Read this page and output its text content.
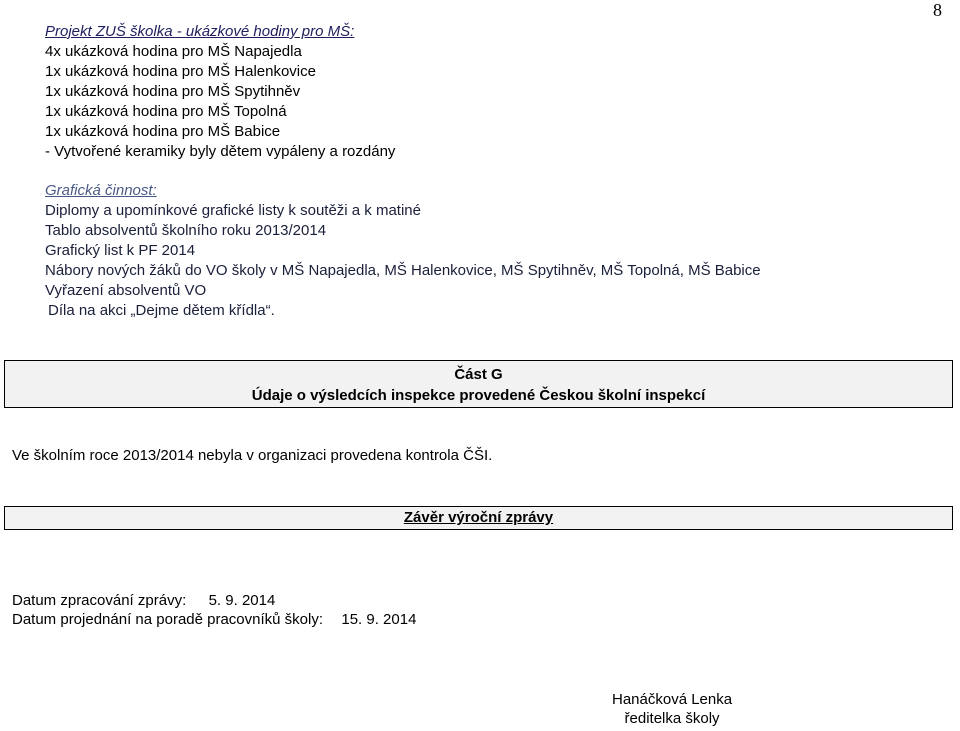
8
Projekt ZUŠ školka - ukázkové hodiny pro MŠ:
4x ukázková hodina pro MŠ Napajedla
1x ukázková hodina pro MŠ Halenkovice
1x ukázková hodina pro MŠ Spytihněv
1x ukázková hodina pro MŠ Topolná
1x ukázková hodina pro MŠ Babice
- Vytvořené keramiky byly dětem vypáleny a rozdány
Grafická činnost:
Diplomy a upomínkové grafické listy k soutěži a k matiné
Tablo absolventů školního roku 2013/2014
Grafický list k PF 2014
Nábory nových žáků do VO školy v MŠ Napajedla, MŠ Halenkovice, MŠ Spytihněv, MŠ Topolná, MŠ Babice
Vyřazení absolventů VO
Díla na akci „Dejme dětem křídla“.
Část G
Údaje o výsledcích inspekce provedené Českou školní inspekcí
Ve školním roce 2013/2014 nebyla v organizaci provedena kontrola ČŠI.
Závěr výroční zprávy
Datum zpracování zprávy: 5. 9. 2014
Datum projednání na poradě pracovníků školy: 15. 9. 2014
Hanáčková Lenka
ředitelka školy
